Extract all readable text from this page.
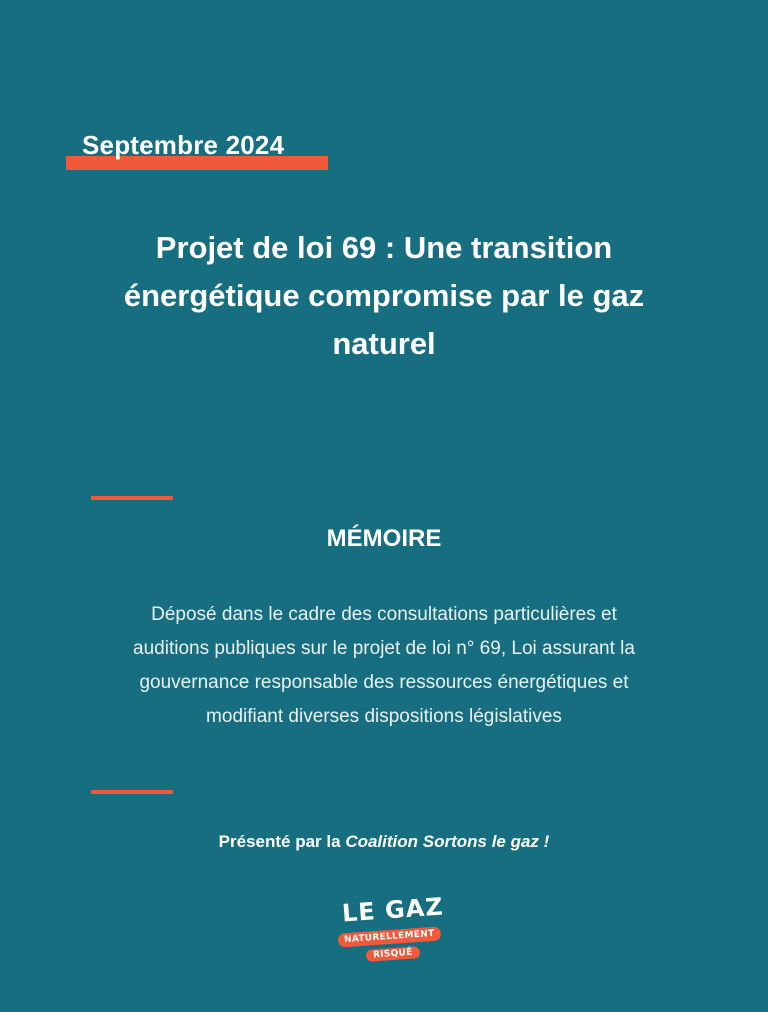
Septembre 2024
Projet de loi 69 : Une transition
énergétique compromise par le gaz
naturel
MÉMOIRE

Déposé dans le cadre des consultations particulières et
auditions publiques sur le projet de loi n° 69, Loi assurant la
gouvernance responsable des ressources énergétiques et
modifiant diverses dispositions législatives

Présenté par la Coalition Sortons le gaz !
LE GAZ
NATURELLEMENT
RISQUÉ
